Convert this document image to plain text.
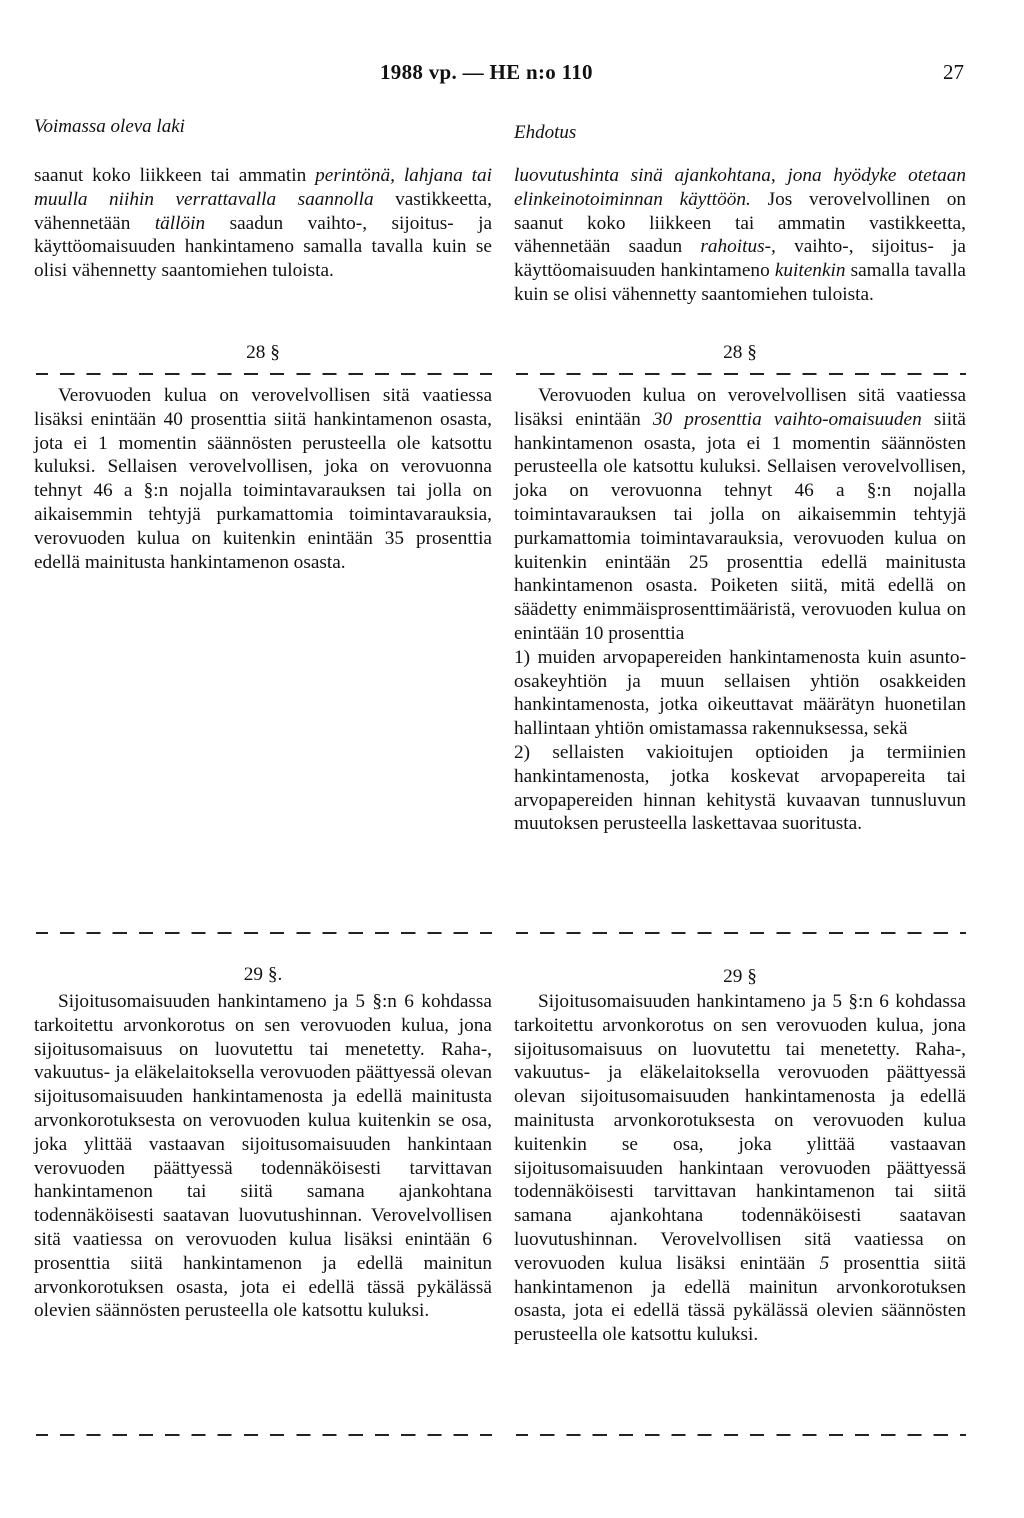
1988 vp. — HE n:o 110	27
Voimassa oleva laki

saanut koko liikkeen tai ammatin perintönä, lahjana tai muulla niihin verrattavalla saannolla vastikkeetta, vähennetään tällöin saadun vaihto-, sijoitus- ja käyttöomaisuuden hankintameno samalla tavalla kuin se olisi vähennetty saantomiehen tuloista.

28 §

Verovuoden kulua on verovelvollisen sitä vaatiessa lisäksi enintään 40 prosenttia siitä hankintamenon osasta, jota ei 1 momentin säännösten perusteella ole katsottu kuluksi. Sellaisen verovelvollisen, joka on verovuonna tehnyt 46 a §:n nojalla toimintavarauksen tai jolla on aikaisemmin tehtyjä purkamattomia toimintavarauksia, verovuoden kulua on kuitenkin enintään 35 prosenttia edellä mainitusta hankintamenon osasta.

29 §.

Sijoitusomaisuuden hankintameno ja 5 §:n 6 kohdassa tarkoitettu arvonkorotus on sen verovuoden kulua, jona sijoitusomaisuus on luovutettu tai menetetty. Raha-, vakuutus- ja eläkelaitoksella verovuoden päättyessä olevan sijoitusomaisuuden hankintamenosta ja edellä mainitusta arvonkorotuksesta on verovuoden kulua kuitenkin se osa, joka ylittää vastaavan sijoitusomaisuuden hankintaan verovuoden päättyessä todennäköisesti tarvittavan hankintamenon tai siitä samana ajankohtana todennäköisesti saatavan luovutushinnan. Verovelvollisen sitä vaatiessa on verovuoden kulua lisäksi enintään 6 prosenttia siitä hankintamenon ja edellä mainitun arvonkorotuksen osasta, jota ei edellä tässä pykälässä olevien säännösten perusteella ole katsottu kuluksi.

Ehdotus

luovutushinta sinä ajankohtana, jona hyödyke otetaan elinkeinotoiminnan käyttöön. Jos verovelvollinen on saanut koko liikkeen tai ammatin vastikkeetta, vähennetään saadun rahoitus-, vaihto-, sijoitus- ja käyttöomaisuuden hankintameno kuitenkin samalla tavalla kuin se olisi vähennetty saantomiehen tuloista.

28 §

Verovuoden kulua on verovelvollisen sitä vaatiessa lisäksi enintään 30 prosenttia vaihto-omaisuuden siitä hankintamenon osasta, jota ei 1 momentin säännösten perusteella ole katsottu kuluksi. Sellaisen verovelvollisen, joka on verovuonna tehnyt 46 a §:n nojalla toimintavarauksen tai jolla on aikaisemmin tehtyjä purkamattomia toimintavarauksia, verovuoden kulua on kuitenkin enintään 25 prosenttia edellä mainitusta hankintamenon osasta. Poiketen siitä, mitä edellä on säädetty enimmäisprosenttimääristä, verovuoden kulua on enintään 10 prosenttia

1) muiden arvopapereiden hankintamenosta kuin asunto-osakeyhtiön ja muun sellaisen yhtiön osakkeiden hankintamenosta, jotka oikeuttavat määrätyn huonetilan hallintaan yhtiön omistamassa rakennuksessa, sekä

2) sellaisten vakioitujen optioiden ja termiinien hankintamenosta, jotka koskevat arvopapereita tai arvopapereiden hinnan kehitystä kuvaavan tunnusluvun muutoksen perusteella laskettavaa suoritusta.

29 §

Sijoitusomaisuuden hankintameno ja 5 §:n 6 kohdassa tarkoitettu arvonkorotus on sen verovuoden kulua, jona sijoitusomaisuus on luovutettu tai menetetty. Raha-, vakuutus- ja eläkelaitoksella verovuoden päättyessä olevan sijoitusomaisuuden hankintamenosta ja edellä mainitusta arvonkorotuksesta on verovuoden kulua kuitenkin se osa, joka ylittää vastaavan sijoitusomaisuuden hankintaan verovuoden päättyessä todennäköisesti tarvittavan hankintamenon tai siitä samana ajankohtana todennäköisesti saatavan luovutushinnan. Verovelvollisen sitä vaatiessa on verovuoden kulua lisäksi enintään 5 prosenttia siitä hankintamenon ja edellä mainitun arvonkorotuksen osasta, jota ei edellä tässä pykälässä olevien säännösten perusteella ole katsottu kuluksi.
